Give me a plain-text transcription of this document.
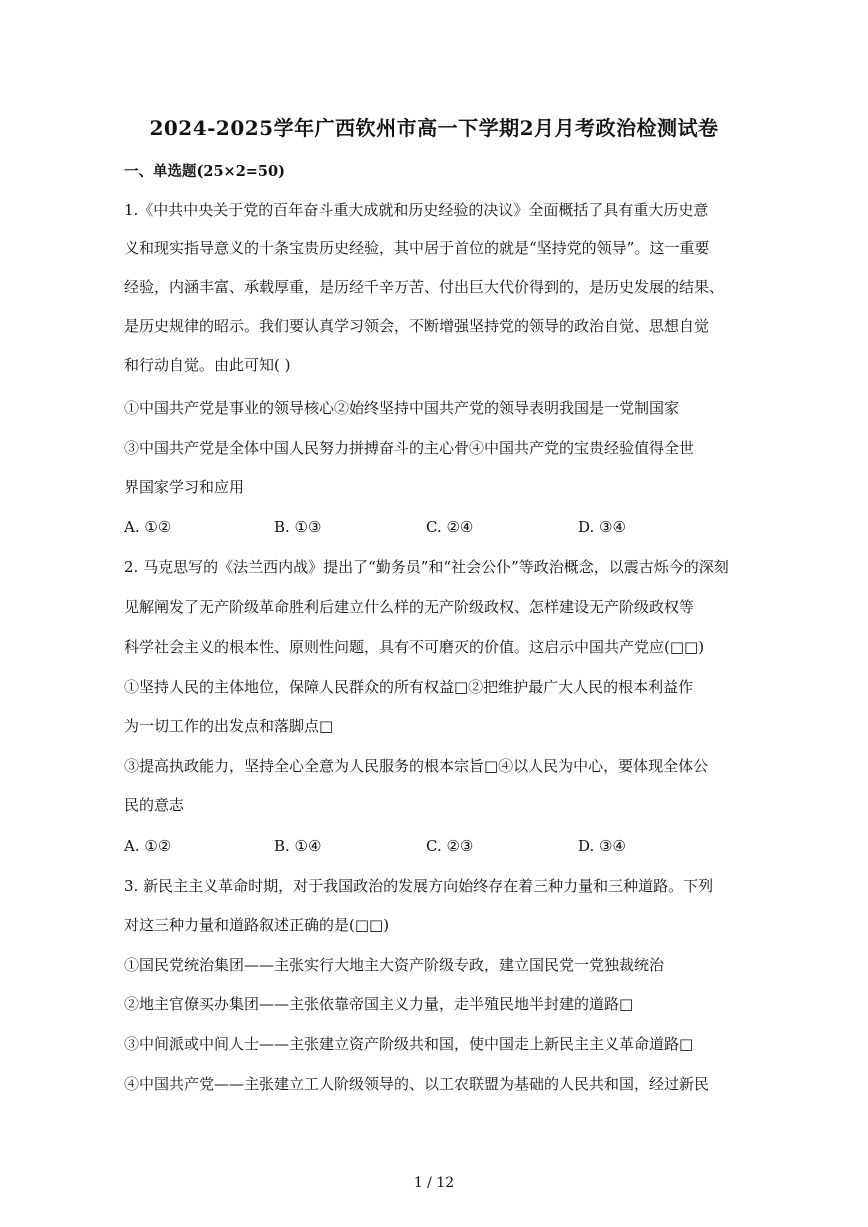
2024-2025学年广西钦州市高一下学期2月月考政治检测试卷
一、单选题(25×2=50)
1.《中共中央关于党的百年奋斗重大成就和历史经验的决议》全面概括了具有重大历史意
义和现实指导意义的十条宝贵历史经验，其中居于首位的就是“坚持党的领导”。这一重要
经验，内涵丰富、承载厚重，是历经千辛万苦、付出巨大代价得到的，是历史发展的结果、
是历史规律的昭示。我们要认真学习领会，不断增强坚持党的领导的政治自觉、思想自觉
和行动自觉。由此可知( )
①中国共产党是事业的领导核心②始终坚持中国共产党的领导表明我国是一党制国家
③中国共产党是全体中国人民努力拼搏奋斗的主心骨④中国共产党的宝贵经验值得全世
界国家学习和应用
A. ①②	B. ①③	C. ②④	D. ③④
2. 马克思写的《法兰西内战》提出了“勤务员”和“社会公仆”等政治概念，以震古烁今的深刻
见解阐发了无产阶级革命胜利后建立什么样的无产阶级政权、怎样建设无产阶级政权等
科学社会主义的根本性、原则性问题，具有不可磨灭的价值。这启示中国共产党应(□□)
①坚持人民的主体地位，保障人民群众的所有权益□②把维护最广大人民的根本利益作
为一切工作的出发点和落脚点□
③提高执政能力，坚持全心全意为人民服务的根本宗旨□④以人民为中心，要体现全体公
民的意志
A. ①②	B. ①④	C. ②③	D. ③④
3. 新民主主义革命时期，对于我国政治的发展方向始终存在着三种力量和三种道路。下列
对这三种力量和道路叙述正确的是(□□)
①国民党统治集团——主张实行大地主大资产阶级专政，建立国民党一党独裁统治
②地主官僚买办集团——主张依靠帝国主义力量，走半殖民地半封建的道路□
③中间派或中间人士——主张建立资产阶级共和国，使中国走上新民主主义革命道路□
④中国共产党——主张建立工人阶级领导的、以工农联盟为基础的人民共和国，经过新民
1 / 12
